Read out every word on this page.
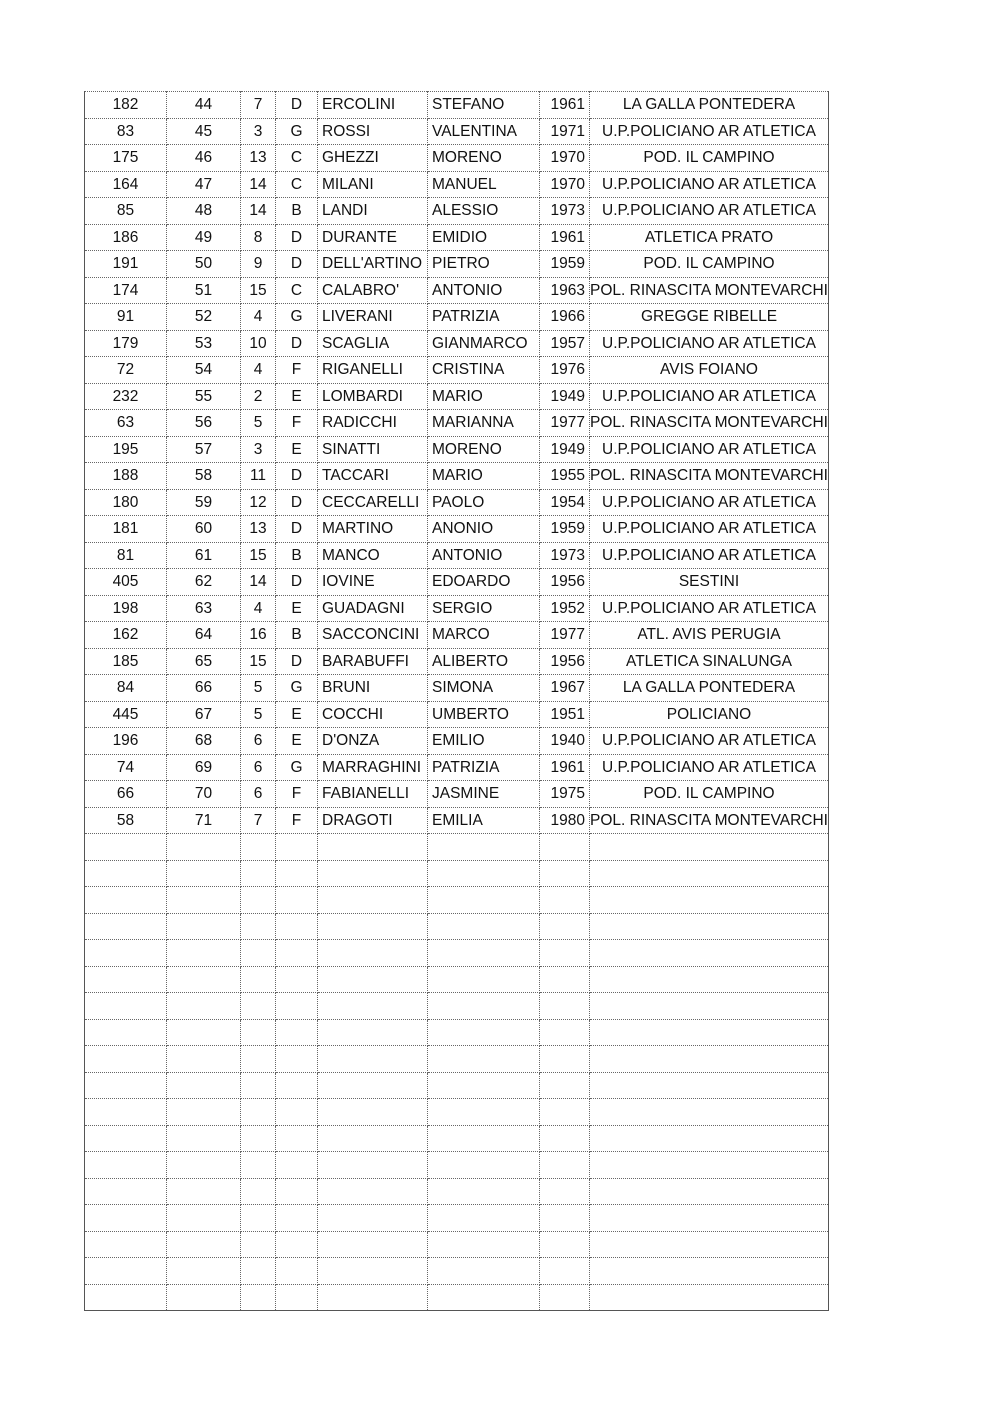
182	44	7	D	ERCOLINI	STEFANO	1961	LA GALLA PONTEDERA
83	45	3	G	ROSSI	VALENTINA	1971	U.P.POLICIANO AR ATLETICA
175	46	13	C	GHEZZI	MORENO	1970	POD. IL CAMPINO
164	47	14	C	MILANI	MANUEL	1970	U.P.POLICIANO AR ATLETICA
85	48	14	B	LANDI	ALESSIO	1973	U.P.POLICIANO AR ATLETICA
186	49	8	D	DURANTE	EMIDIO	1961	ATLETICA PRATO
191	50	9	D	DELL'ARTINO	PIETRO	1959	POD. IL CAMPINO
174	51	15	C	CALABRO'	ANTONIO	1963	POL. RINASCITA MONTEVARCHI
91	52	4	G	LIVERANI	PATRIZIA	1966	GREGGE RIBELLE
179	53	10	D	SCAGLIA	GIANMARCO	1957	U.P.POLICIANO AR ATLETICA
72	54	4	F	RIGANELLI	CRISTINA	1976	AVIS FOIANO
232	55	2	E	LOMBARDI	MARIO	1949	U.P.POLICIANO AR ATLETICA
63	56	5	F	RADICCHI	MARIANNA	1977	POL. RINASCITA MONTEVARCHI
195	57	3	E	SINATTI	MORENO	1949	U.P.POLICIANO AR ATLETICA
188	58	11	D	TACCARI	MARIO	1955	POL. RINASCITA MONTEVARCHI
180	59	12	D	CECCARELLI	PAOLO	1954	U.P.POLICIANO AR ATLETICA
181	60	13	D	MARTINO	ANONIO	1959	U.P.POLICIANO AR ATLETICA
81	61	15	B	MANCO	ANTONIO	1973	U.P.POLICIANO AR ATLETICA
405	62	14	D	IOVINE	EDOARDO	1956	SESTINI
198	63	4	E	GUADAGNI	SERGIO	1952	U.P.POLICIANO AR ATLETICA
162	64	16	B	SACCONCINI	MARCO	1977	ATL. AVIS PERUGIA
185	65	15	D	BARABUFFI	ALIBERTO	1956	ATLETICA SINALUNGA
84	66	5	G	BRUNI	SIMONA	1967	LA GALLA PONTEDERA
445	67	5	E	COCCHI	UMBERTO	1951	POLICIANO
196	68	6	E	D'ONZA	EMILIO	1940	U.P.POLICIANO AR ATLETICA
74	69	6	G	MARRAGHINI	PATRIZIA	1961	U.P.POLICIANO AR ATLETICA
66	70	6	F	FABIANELLI	JASMINE	1975	POD. IL CAMPINO
58	71	7	F	DRAGOTI	EMILIA	1980	POL. RINASCITA MONTEVARCHI
